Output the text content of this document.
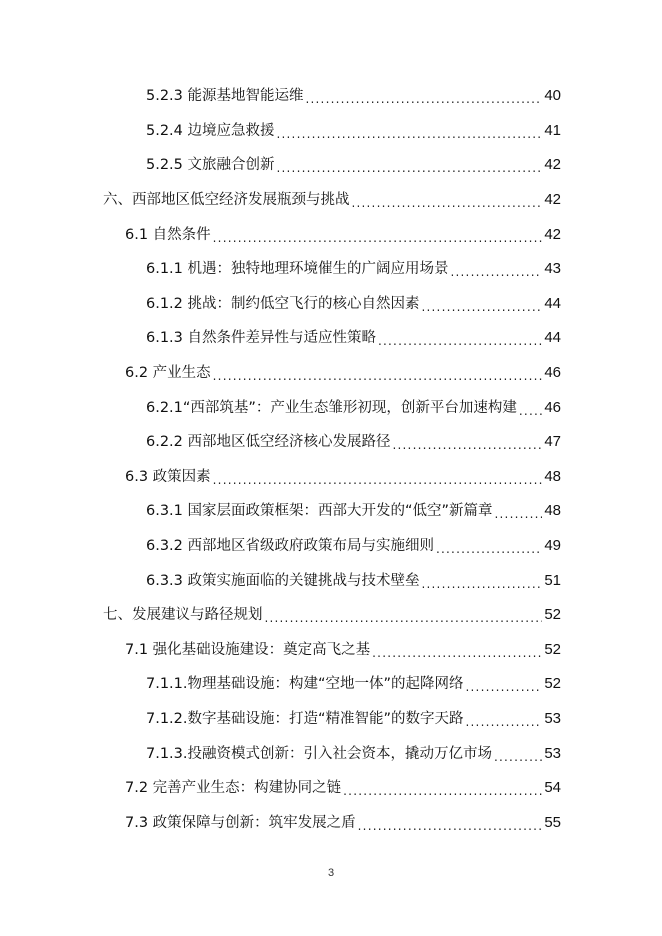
5.2.3 能源基地智能运维 .....	40
5.2.4 边境应急救援 .....	41
5.2.5 文旅融合创新 .....	42
六、西部地区低空经济发展瓶颈与挑战 .....	42
6.1 自然条件 .....	42
6.1.1 机遇：独特地理环境催生的广阔应用场景 .....	43
6.1.2 挑战：制约低空飞行的核心自然因素 .....	44
6.1.3 自然条件差异性与适应性策略 .....	44
6.2 产业生态 .....	46
6.2.1“西部筑基”：产业生态雏形初现，创新平台加速构建 ..... 46
6.2.2 西部地区低空经济核心发展路径 .....	47
6.3 政策因素 .....	48
6.3.1 国家层面政策框架：西部大开发的“低空”新篇章 .....	48
6.3.2 西部地区省级政府政策布局与实施细则 .....	49
6.3.3 政策实施面临的关键挑战与技术壁垒 .....	51
七、发展建议与路径规划 .....	52
7.1 强化基础设施建设：奠定高飞之基 .....	52
7.1.1.物理基础设施：构建“空地一体”的起降网络 .....	52
7.1.2.数字基础设施：打造“精准智能”的数字天路 .....	53
7.1.3.投融资模式创新：引入社会资本，撬动万亿市场 .....	53
7.2 完善产业生态：构建协同之链 .....	54
7.3 政策保障与创新：筑牢发展之盾 .....	55
3
